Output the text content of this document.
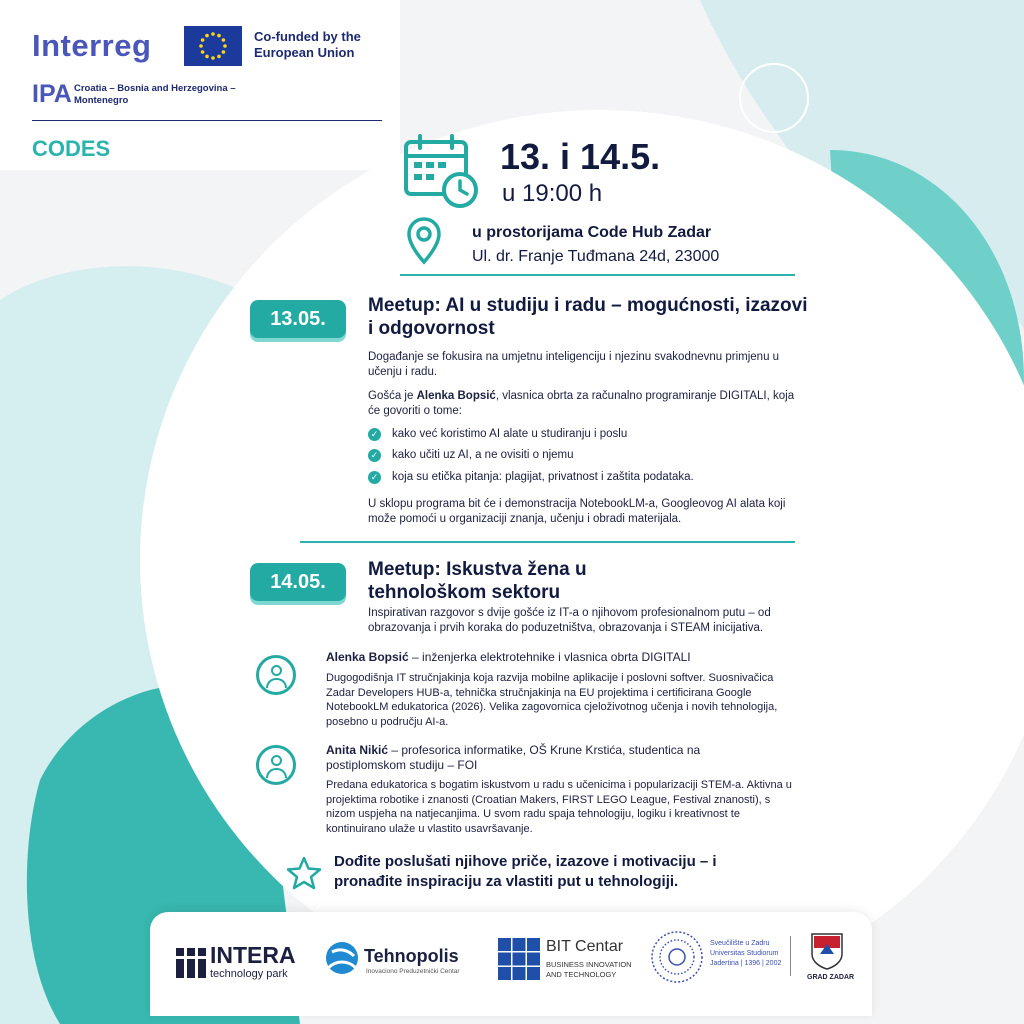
Interreg	Co-funded by the European Union
IPA Croatia – Bosnia and Herzegovina – Montenegro
CODES	13. i 14.5.
u 19:00 h
u prostorijama Code Hub Zadar
Ul. dr. Franje Tuđmana 24d, 23000
13.05.
Meetup: AI u studiju i radu – mogućnosti, izazovi i odgovornost
Događanje se fokusira na umjetnu inteligenciju i njezinu svakodnevnu primjenu u učenju i radu.
Gošća je Alenka Bopsić, vlasnica obrta za računalno programiranje DIGITALI, koja će govoriti o tome:
✓ kako već koristimo AI alate u studiranju i poslu
✓ kako učiti uz AI, a ne ovisiti o njemu
✓ koja su etička pitanja: plagijat, privatnost i zaštita podataka.
U sklopu programa bit će i demonstracija NotebookLM-a, Googleovog AI alata koji može pomoći u organizaciji znanja, učenju i obradi materijala.
14.05.
Meetup: Iskustva žena u tehnološkom sektoru
Inspirativan razgovor s dvije gošće iz IT-a o njihovom profesionalnom putu – od obrazovanja i prvih koraka do poduzetništva, obrazovanja i STEAM inicijativa.
Alenka Bopsić – inženjerka elektrotehnike i vlasnica obrta DIGITALI
Dugogodišnja IT stručnjakinja koja razvija mobilne aplikacije i poslovni softver. Suosnivačica Zadar Developers HUB-a, tehnička stručnjakinja na EU projektima i certificirana Google NotebookLM edukatorica (2026). Velika zagovornica cjeloživotnog učenja i novih tehnologija, posebno u području AI-a.
Anita Nikić – profesorica informatike, OŠ Krune Krstića, studentica na postiplomskom studiju – FOI
Predana edukatorica s bogatim iskustvom u radu s učenicima i popularizaciji STEM-a. Aktivna u projektima robotike i znanosti (Croatian Makers, FIRST LEGO League, Festival znanosti), s nizom uspjeha na natjecanjima. U svom radu spaja tehnologiju, logiku i kreativnost te kontinuirano ulaže u vlastito usavršavanje.
Dođite poslušati njihove priče, izazove i motivaciju – i pronađite inspiraciju za vlastiti put u tehnologiji.
INTERA
technology park
Tehnopolis
Inovaciono Preduzetnički Centar
BIT Centar
BUSINESS INNOVATION
AND TECHNOLOGY
Sveučilište u Zadru
Universitas Studiorum
Jadertina | 1396 | 2002
GRAD ZADAR
